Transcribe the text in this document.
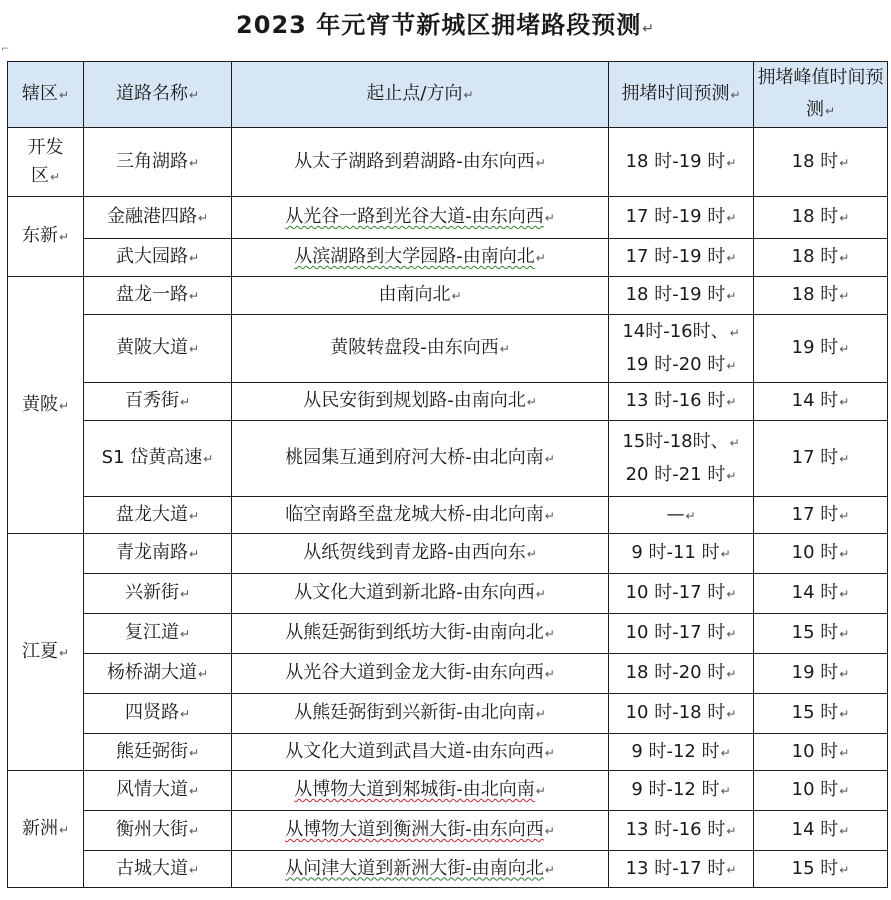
2023 年元宵节新城区拥堵路段预测↵
⌐
辖区↵	道路名称↵	起止点/方向↵	拥堵时间预测↵	拥堵峰值时间预测↵
开发
区↵	三角湖路↵	从太子湖路到碧湖路-由东向西↵	18 时-19 时↵	18 时↵
东新↵	金融港四路↵	从光谷一路到光谷大道-由东向西↵	17 时-19 时↵	18 时↵
	武大园路↵	从滨湖路到大学园路-由南向北↵	17 时-19 时↵	18 时↵
黄陂↵	盘龙一路↵	由南向北↵	18 时-19 时↵	18 时↵
	黄陂大道↵	黄陂转盘段-由东向西↵	14时-16时、↵
19 时-20 时↵	19 时↵
	百秀街↵	从民安街到规划路-由南向北↵	13 时-16 时↵	14 时↵
	S1 岱黄高速↵	桃园集互通到府河大桥-由北向南↵	15时-18时、↵
20 时-21 时↵	17 时↵
	盘龙大道↵	临空南路至盘龙城大桥-由北向南↵	—↵	17 时↵
江夏↵	青龙南路↵	从纸贺线到青龙路-由西向东↵	9 时-11 时↵	10 时↵
	兴新街↵	从文化大道到新北路-由东向西↵	10 时-17 时↵	14 时↵
	复江道↵	从熊廷弼街到纸坊大街-由南向北↵	10 时-17 时↵	15 时↵
	杨桥湖大道↵	从光谷大道到金龙大街-由东向西↵	18 时-20 时↵	19 时↵
	四贤路↵	从熊廷弼街到兴新街-由北向南↵	10 时-18 时↵	15 时↵
	熊廷弼街↵	从文化大道到武昌大道-由东向西↵	9 时-12 时↵	10 时↵
新洲↵	风情大道↵	从博物大道到邾城街-由北向南↵	9 时-12 时↵	10 时↵
	衡州大街↵	从博物大道到衡洲大街-由东向西↵	13 时-16 时↵	14 时↵
	古城大道↵	从问津大道到新洲大街-由南向北↵	13 时-17 时↵	15 时↵
